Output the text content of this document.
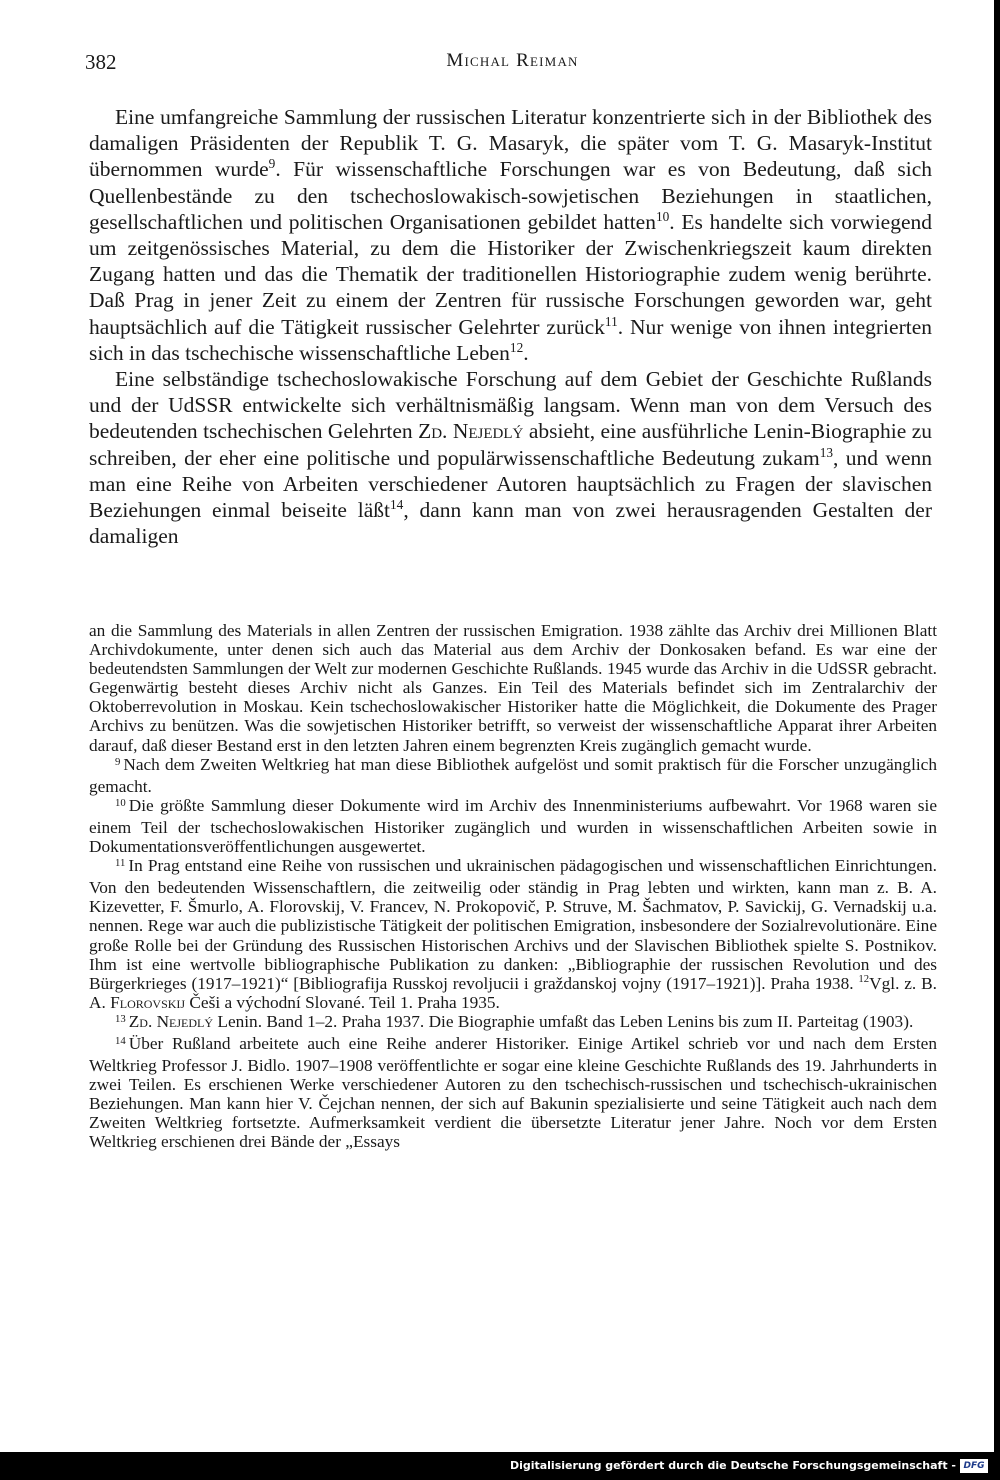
382	Michal Reiman

Eine umfangreiche Sammlung der russischen Literatur konzentrierte sich in der Bibliothek des damaligen Präsidenten der Republik T. G. Masaryk, die später vom T. G. Masaryk-Institut übernommen wurde$^9$. Für wissenschaftliche Forschungen war es von Bedeutung, daß sich Quellenbestände zu den tschechoslowakisch-sowjetischen Beziehungen in staatlichen, gesellschaftlichen und politischen Organisationen gebildet hatten$^{10}$. Es handelte sich vorwiegend um zeitgenössisches Material, zu dem die Historiker der Zwischenkriegszeit kaum direkten Zugang hatten und das die Thematik der traditionellen Historiographie zudem wenig berührte. Daß Prag in jener Zeit zu einem der Zentren für russische Forschungen geworden war, geht hauptsächlich auf die Tätigkeit russischer Gelehrter zurück$^{11}$. Nur wenige von ihnen integrierten sich in das tschechische wissenschaftliche Leben$^{12}$.

Eine selbständige tschechoslowakische Forschung auf dem Gebiet der Geschichte Rußlands und der UdSSR entwickelte sich verhältnismäßig langsam. Wenn man von dem Versuch des bedeutenden tschechischen Gelehrten Zd. Nejedlý absieht, eine ausführliche Lenin-Biographie zu schreiben, der eher eine politische und populärwissenschaftliche Bedeutung zukam$^{13}$, und wenn man eine Reihe von Arbeiten verschiedener Autoren hauptsächlich zu Fragen der slavischen Beziehungen einmal beiseite läßt$^{14}$, dann kann man von zwei herausragenden Gestalten der damaligen

an die Sammlung des Materials in allen Zentren der russischen Emigration. 1938 zählte das Archiv drei Millionen Blatt Archivdokumente, unter denen sich auch das Material aus dem Archiv der Donkosaken befand. Es war eine der bedeutendsten Sammlungen der Welt zur modernen Geschichte Rußlands. 1945 wurde das Archiv in die UdSSR gebracht. Gegenwärtig besteht dieses Archiv nicht als Ganzes. Ein Teil des Materials befindet sich im Zentralarchiv der Oktoberrevolution in Moskau. Kein tschechoslowakischer Historiker hatte die Möglichkeit, die Dokumente des Prager Archivs zu benützen. Was die sowjetischen Historiker betrifft, so verweist der wissenschaftliche Apparat ihrer Arbeiten darauf, daß dieser Bestand erst in den letzten Jahren einem begrenzten Kreis zugänglich gemacht wurde.

$^9$ Nach dem Zweiten Weltkrieg hat man diese Bibliothek aufgelöst und somit praktisch für die Forscher unzugänglich gemacht.

$^{10}$ Die größte Sammlung dieser Dokumente wird im Archiv des Innenministeriums aufbewahrt. Vor 1968 waren sie einem Teil der tschechoslowakischen Historiker zugänglich und wurden in wissenschaftlichen Arbeiten sowie in Dokumentationsveröffentlichungen ausgewertet.

$^{11}$ In Prag entstand eine Reihe von russischen und ukrainischen pädagogischen und wissenschaftlichen Einrichtungen. Von den bedeutenden Wissenschaftlern, die zeitweilig oder ständig in Prag lebten und wirkten, kann man z. B. A. Kizevetter, F. Šmurlo, A. Florovskij, V. Francev, N. Prokopovič, P. Struve, M. Šachmatov, P. Savickij, G. Vernadskij u.a. nennen. Rege war auch die publizistische Tätigkeit der politischen Emigration, insbesondere der Sozialrevolutionäre. Eine große Rolle bei der Gründung des Russischen Historischen Archivs und der Slavischen Bibliothek spielte S. Postnikov. Ihm ist eine wertvolle bibliographische Publikation zu danken: „Bibliographie der russischen Revolution und des Bürgerkrieges (1917–1921)“ [Bibliografija Russkoj revoljucii i graždanskoj vojny (1917–1921)]. Praha 1938. $^{12}$Vgl. z. B. A. Florovskij Češi a východní Slované. Teil 1. Praha 1935.

$^{13}$ Zd. Nejedlý Lenin. Band 1–2. Praha 1937. Die Biographie umfaßt das Leben Lenins bis zum II. Parteitag (1903).

$^{14}$ Über Rußland arbeitete auch eine Reihe anderer Historiker. Einige Artikel schrieb vor und nach dem Ersten Weltkrieg Professor J. Bidlo. 1907–1908 veröffentlichte er sogar eine kleine Geschichte Rußlands des 19. Jahrhunderts in zwei Teilen. Es erschienen Werke verschiedener Autoren zu den tschechisch-russischen und tschechisch-ukrainischen Beziehungen. Man kann hier V. Čejchan nennen, der sich auf Bakunin spezialisierte und seine Tätigkeit auch nach dem Zweiten Weltkrieg fortsetzte. Aufmerksamkeit verdient die übersetzte Literatur jener Jahre. Noch vor dem Ersten Weltkrieg erschienen drei Bände der „Essays

Digitalisierung gefördert durch die Deutsche Forschungsgemeinschaft - DFG
